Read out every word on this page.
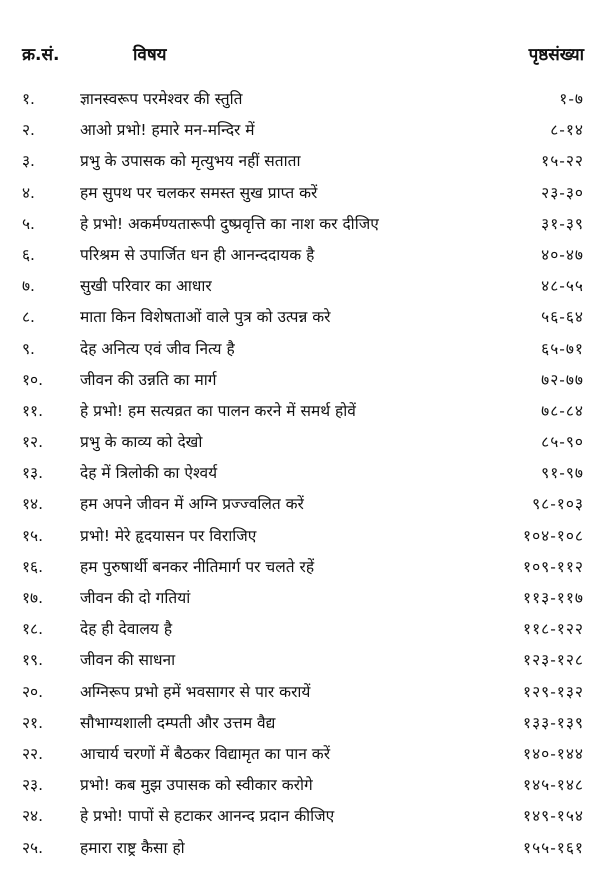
क्र.सं.	विषय	पृष्ठसंख्या
१.	ज्ञानस्वरूप परमेश्वर की स्तुति	१-७
२.	आओ प्रभो! हमारे मन-मन्दिर में	८-१४
३.	प्रभु के उपासक को मृत्युभय नहीं सताता	१५-२२
४.	हम सुपथ पर चलकर समस्त सुख प्राप्त करें	२३-३०
५.	हे प्रभो! अकर्मण्यतारूपी दुष्प्रवृत्ति का नाश कर दीजिए	३१-३९
६.	परिश्रम से उपार्जित धन ही आनन्ददायक है	४०-४७
७.	सुखी परिवार का आधार	४८-५५
८.	माता किन विशेषताओं वाले पुत्र को उत्पन्न करे	५६-६४
९.	देह अनित्य एवं जीव नित्य है	६५-७१
१०.	जीवन की उन्नति का मार्ग	७२-७७
११.	हे प्रभो! हम सत्यव्रत का पालन करने में समर्थ होवें	७८-८४
१२.	प्रभु के काव्य को देखो	८५-९०
१३.	देह में त्रिलोकी का ऐश्वर्य	९१-९७
१४.	हम अपने जीवन में अग्नि प्रज्ज्वलित करें	९८-१०३
१५.	प्रभो! मेरे हृदयासन पर विराजिए	१०४-१०८
१६.	हम पुरुषार्थी बनकर नीतिमार्ग पर चलते रहें	१०९-११२
१७.	जीवन की दो गतियां	११३-११७
१८.	देह ही देवालय है	११८-१२२
१९.	जीवन की साधना	१२३-१२८
२०.	अग्निरूप प्रभो हमें भवसागर से पार करायें	१२९-१३२
२१.	सौभाग्यशाली दम्पती और उत्तम वैद्य	१३३-१३९
२२.	आचार्य चरणों में बैठकर विद्यामृत का पान करें	१४०-१४४
२३.	प्रभो! कब मुझ उपासक को स्वीकार करोगे	१४५-१४८
२४.	हे प्रभो! पापों से हटाकर आनन्द प्रदान कीजिए	१४९-१५४
२५.	हमारा राष्ट्र कैसा हो	१५५-१६१
